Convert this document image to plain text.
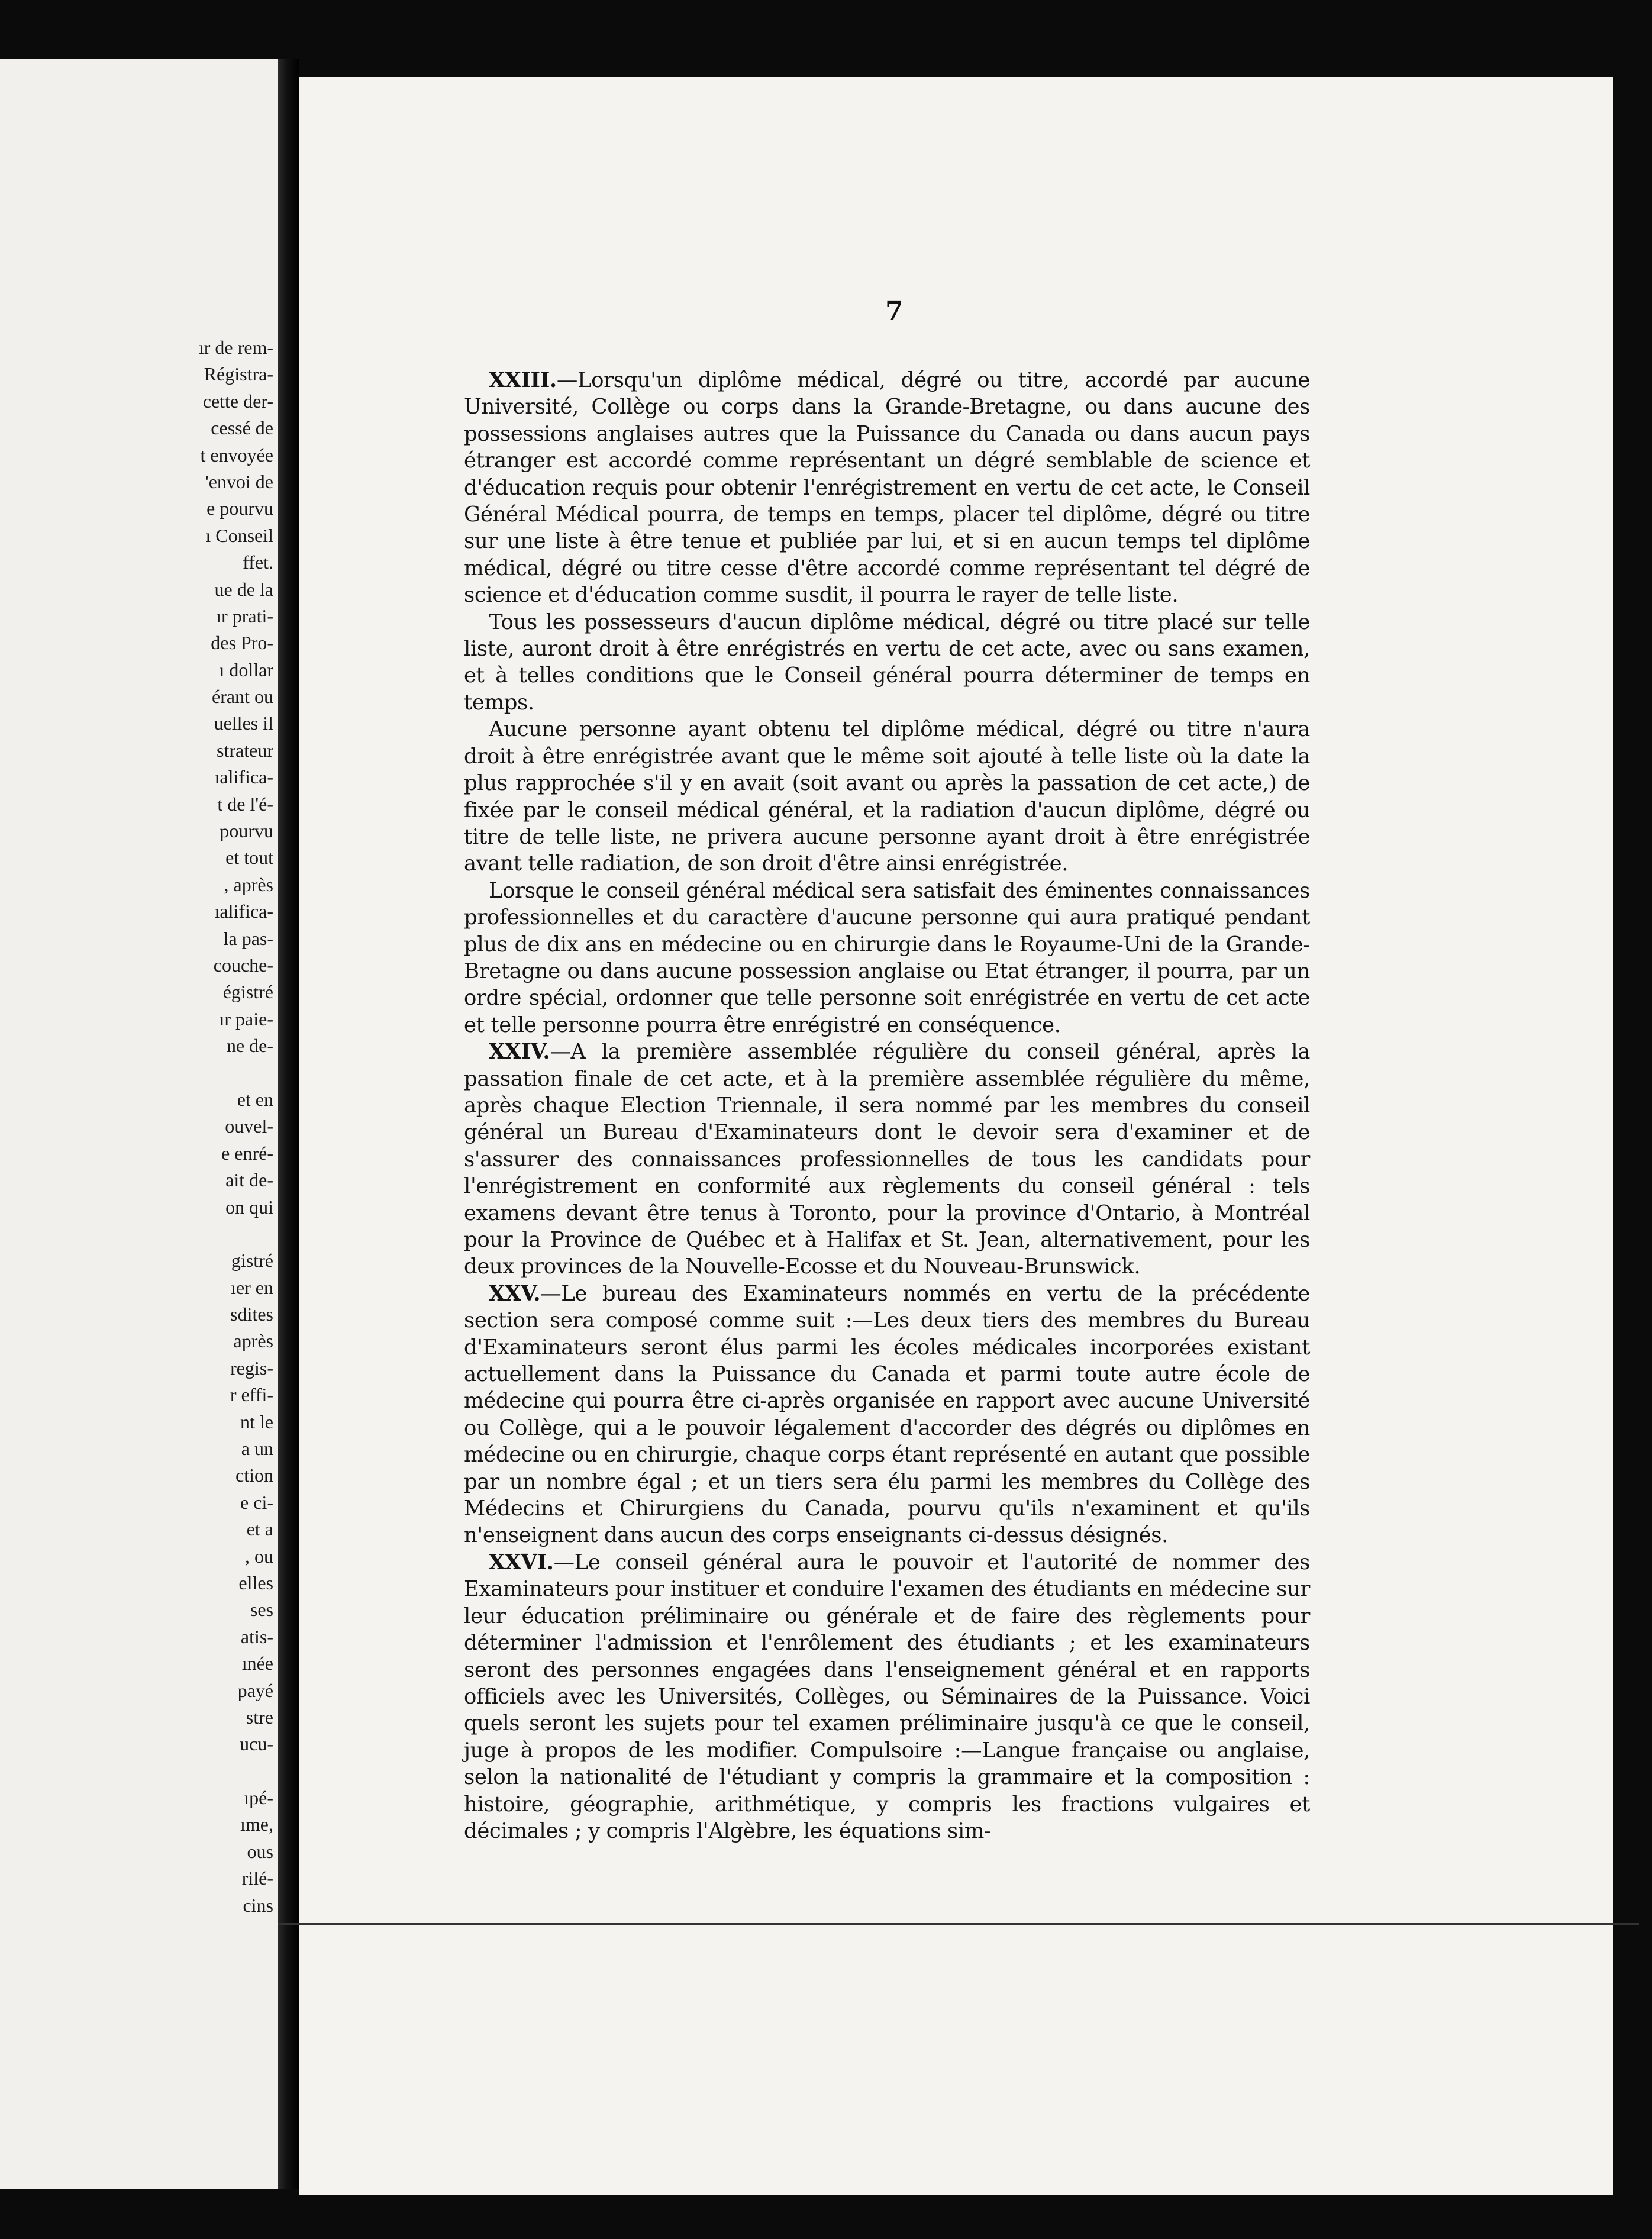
ır de rem-
Régistra-
cette der-
cessé de
t envoyée
'envoi de
e pourvu
ı Conseil
ffet.
ue de la
ır prati-
des Pro-
ı dollar
érant ou
uelles il
strateur
ıalifica-
t de l'é-
pourvu
et tout
, après
ıalifica-
la pas-
couche-
égistré
ır paie-
ne de-
et en
ouvel-
e enré-
ait de-
on qui
gistré
ıer en
sdites
après
regis-
r effi-
nt le
a un
ction
e ci-
et a
, ou
elles
ses
atis-
ınée
payé
stre
ucu-
ıpé-
ıme,
ous
rilé-
cins
7

XXIII.—Lorsqu'un diplôme médical, dégré ou titre, accordé par aucune Université, Collège ou corps dans la Grande-Bretagne, ou dans aucune des possessions anglaises autres que la Puissance du Canada ou dans aucun pays étranger est accordé comme représentant un dégré semblable de science et d'éducation requis pour obtenir l'enrégistrement en vertu de cet acte, le Conseil Général Médical pourra, de temps en temps, placer tel diplôme, dégré ou titre sur une liste à être tenue et publiée par lui, et si en aucun temps tel diplôme médical, dégré ou titre cesse d'être accordé comme représentant tel dégré de science et d'éducation comme susdit, il pourra le rayer de telle liste.

Tous les possesseurs d'aucun diplôme médical, dégré ou titre placé sur telle liste, auront droit à être enrégistrés en vertu de cet acte, avec ou sans examen, et à telles conditions que le Conseil général pourra déterminer de temps en temps.

Aucune personne ayant obtenu tel diplôme médical, dégré ou titre n'aura droit à être enrégistrée avant que le même soit ajouté à telle liste où la date la plus rapprochée s'il y en avait (soit avant ou après la passation de cet acte,) de fixée par le conseil médical général, et la radiation d'aucun diplôme, dégré ou titre de telle liste, ne privera aucune personne ayant droit à être enrégistrée avant telle radiation, de son droit d'être ainsi enrégistrée.

Lorsque le conseil général médical sera satisfait des éminentes connaissances professionnelles et du caractère d'aucune personne qui aura pratiqué pendant plus de dix ans en médecine ou en chirurgie dans le Royaume-Uni de la Grande-Bretagne ou dans aucune possession anglaise ou Etat étranger, il pourra, par un ordre spécial, ordonner que telle personne soit enrégistrée en vertu de cet acte et telle personne pourra être enrégistré en conséquence.

XXIV.—A la première assemblée régulière du conseil général, après la passation finale de cet acte, et à la première assemblée régulière du même, après chaque Election Triennale, il sera nommé par les membres du conseil général un Bureau d'Examinateurs dont le devoir sera d'examiner et de s'assurer des connaissances professionnelles de tous les candidats pour l'enrégistrement en conformité aux règlements du conseil général : tels examens devant être tenus à Toronto, pour la province d'Ontario, à Montréal pour la Province de Québec et à Halifax et St. Jean, alternativement, pour les deux provinces de la Nouvelle-Ecosse et du Nouveau-Brunswick.

XXV.—Le bureau des Examinateurs nommés en vertu de la précédente section sera composé comme suit :—Les deux tiers des membres du Bureau d'Examinateurs seront élus parmi les écoles médicales incorporées existant actuellement dans la Puissance du Canada et parmi toute autre école de médecine qui pourra être ci-après organisée en rapport avec aucune Université ou Collège, qui a le pouvoir légalement d'accorder des dégrés ou diplômes en médecine ou en chirurgie, chaque corps étant représenté en autant que possible par un nombre égal ; et un tiers sera élu parmi les membres du Collège des Médecins et Chirurgiens du Canada, pourvu qu'ils n'examinent et qu'ils n'enseignent dans aucun des corps enseignants ci-dessus désignés.

XXVI.—Le conseil général aura le pouvoir et l'autorité de nommer des Examinateurs pour instituer et conduire l'examen des étudiants en médecine sur leur éducation préliminaire ou générale et de faire des règlements pour déterminer l'admission et l'enrôlement des étudiants ; et les examinateurs seront des personnes engagées dans l'enseignement général et en rapports officiels avec les Universités, Collèges, ou Séminaires de la Puissance. Voici quels seront les sujets pour tel examen préliminaire jusqu'à ce que le conseil, juge à propos de les modifier. Compulsoire :—Langue française ou anglaise, selon la nationalité de l'étudiant y compris la grammaire et la composition : histoire, géographie, arithmétique, y compris les fractions vulgaires et décimales ; y compris l'Algèbre, les équations sim-
